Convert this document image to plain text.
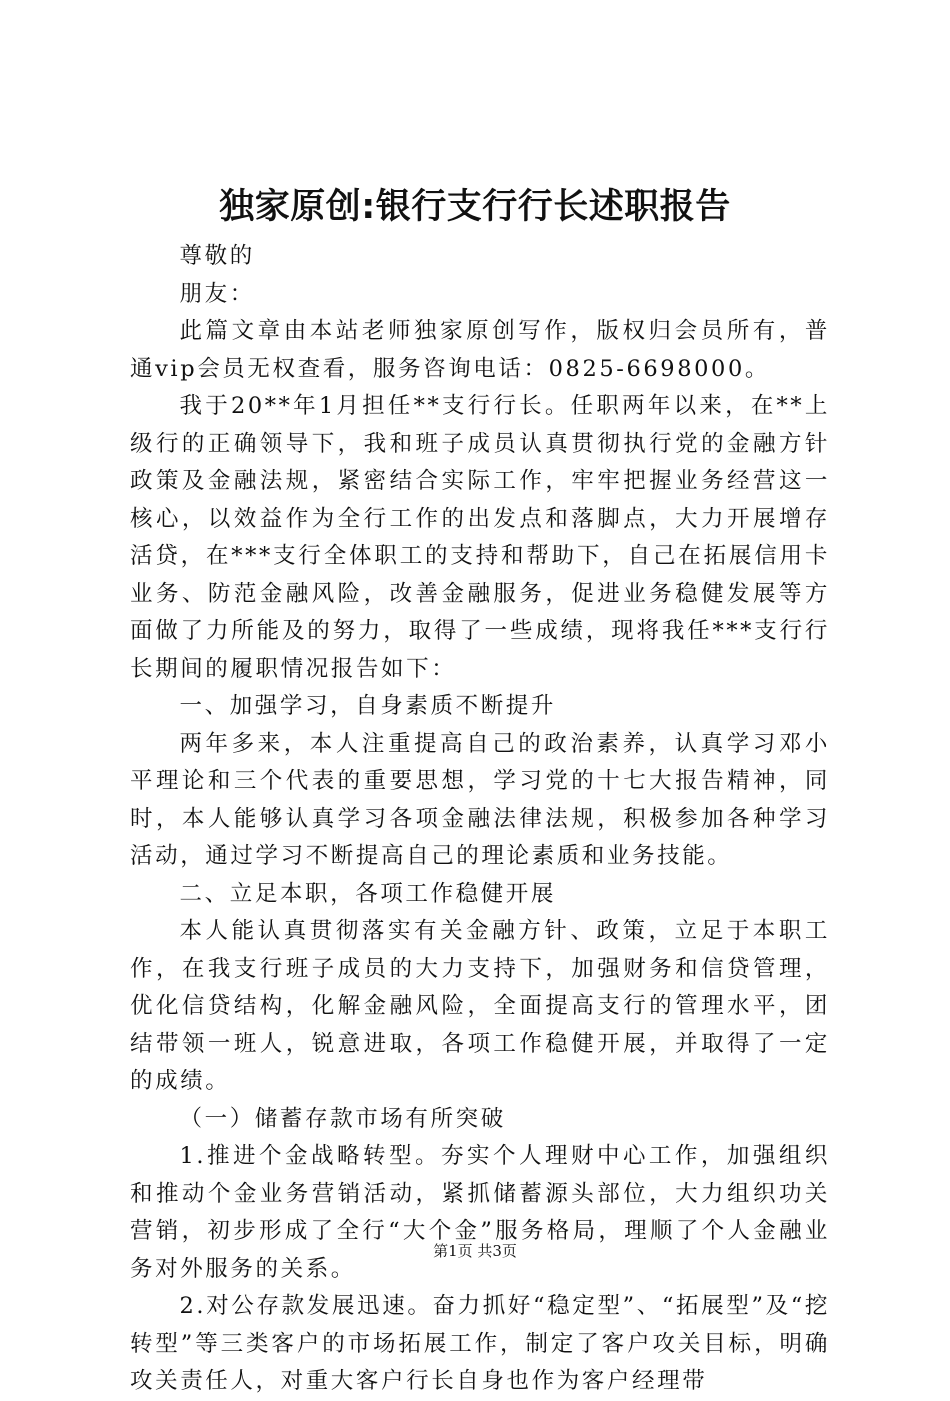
独家原创:银行支行行长述职报告

尊敬的

朋友：

此篇文章由本站老师独家原创写作，版权归会员所有，普通vip会员无权查看，服务咨询电话：0825-6698000。

我于20**年1月担任**支行行长。任职两年以来，在**上级行的正确领导下，我和班子成员认真贯彻执行党的金融方针政策及金融法规，紧密结合实际工作，牢牢把握业务经营这一核心，以效益作为全行工作的出发点和落脚点，大力开展增存活贷，在***支行全体职工的支持和帮助下，自己在拓展信用卡业务、防范金融风险，改善金融服务，促进业务稳健发展等方面做了力所能及的努力，取得了一些成绩，现将我任***支行行长期间的履职情况报告如下：

一、加强学习，自身素质不断提升

两年多来，本人注重提高自己的政治素养，认真学习邓小平理论和三个代表的重要思想，学习党的十七大报告精神，同时，本人能够认真学习各项金融法律法规，积极参加各种学习活动，通过学习不断提高自己的理论素质和业务技能。

二、立足本职，各项工作稳健开展

本人能认真贯彻落实有关金融方针、政策，立足于本职工作，在我支行班子成员的大力支持下，加强财务和信贷管理，优化信贷结构，化解金融风险，全面提高支行的管理水平，团结带领一班人，锐意进取，各项工作稳健开展，并取得了一定的成绩。

（一）储蓄存款市场有所突破

1.推进个金战略转型。夯实个人理财中心工作，加强组织和推动个金业务营销活动，紧抓储蓄源头部位，大力组织功关营销，初步形成了全行“大个金”服务格局，理顺了个人金融业务对外服务的关系。

2.对公存款发展迅速。奋力抓好“稳定型”、“拓展型”及“挖转型”等三类客户的市场拓展工作，制定了客户攻关目标，明确攻关责任人，对重大客户行长自身也作为客户经理带

第1页 共3页
